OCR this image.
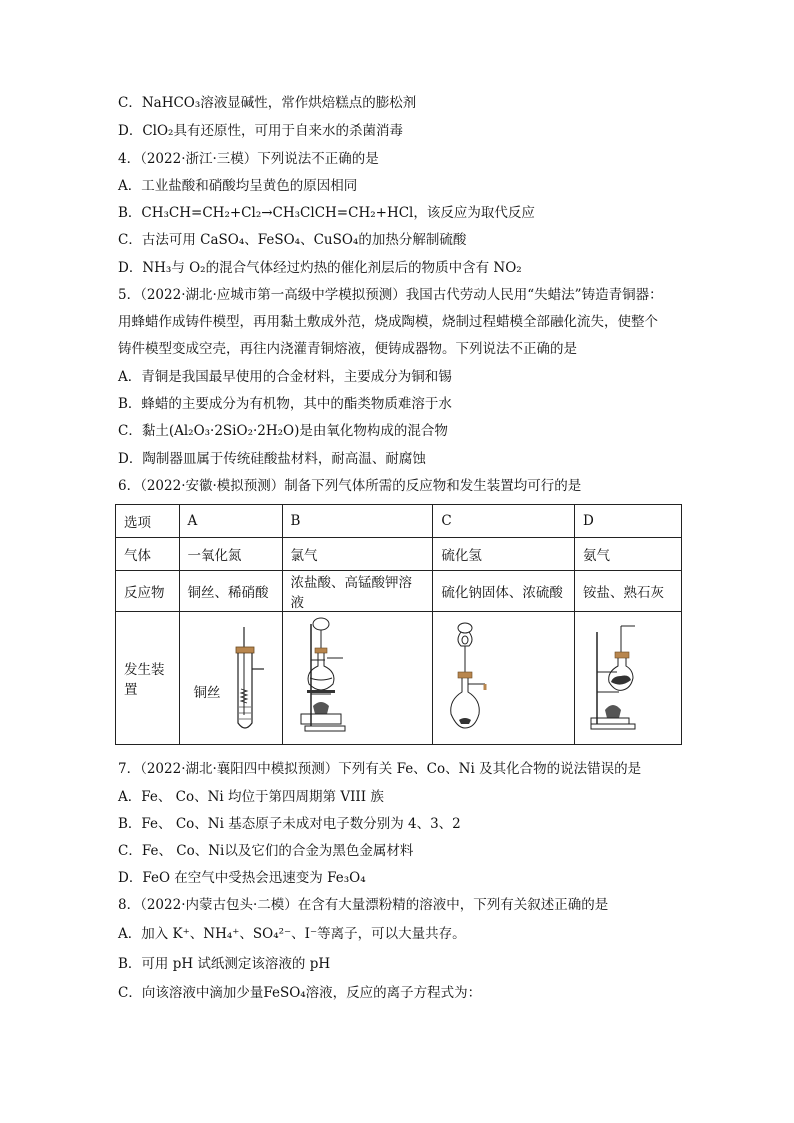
C．NaHCO₃溶液显碱性，常作烘焙糕点的膨松剂
D．ClO₂具有还原性，可用于自来水的杀菌消毒
4．（2022·浙江·三模）下列说法不正确的是
A．工业盐酸和硝酸均呈黄色的原因相同
B．CH₃CH=CH₂+Cl₂→CH₃ClCH=CH₂+HCl，该反应为取代反应
C．古法可用 CaSO₄、FeSO₄、CuSO₄的加热分解制硫酸
D．NH₃与 O₂的混合气体经过灼热的催化剂层后的物质中含有 NO₂
5．（2022·湖北·应城市第一高级中学模拟预测）我国古代劳动人民用“失蜡法”铸造青铜器：
用蜂蜡作成铸件模型，再用黏土敷成外范，烧成陶模，烧制过程蜡模全部融化流失，使整个
铸件模型变成空壳，再往内浇灌青铜熔液，便铸成器物。下列说法不正确的是
A．青铜是我国最早使用的合金材料，主要成分为铜和锡
B．蜂蜡的主要成分为有机物，其中的酯类物质难溶于水
C．黏土(Al₂O₃·2SiO₂·2H₂O)是由氧化物构成的混合物
D．陶制器皿属于传统硅酸盐材料，耐高温、耐腐蚀
6．（2022·安徽·模拟预测）制备下列气体所需的反应物和发生装置均可行的是
选项	A	B	C	D
气体	一氧化氮	氯气	硫化氢	氨气
反应物	铜丝、稀硝酸	浓盐酸、高锰酸钾溶液	硫化钠固体、浓硫酸	铵盐、熟石灰
发生装置	铜丝

7．（2022·湖北·襄阳四中模拟预测）下列有关 Fe、Co、Ni 及其化合物的说法错误的是
A．Fe、 Co、Ni 均位于第四周期第 VIII 族
B．Fe、 Co、Ni 基态原子未成对电子数分别为 4、3、2
C．Fe、 Co、Ni以及它们的合金为黑色金属材料
D．FeO 在空气中受热会迅速变为 Fe₃O₄
8．（2022·内蒙古包头·二模）在含有大量漂粉精的溶液中，下列有关叙述正确的是
A．加入 K⁺、NH₄⁺、SO₄²⁻、I⁻等离子，可以大量共存。
B．可用 pH 试纸测定该溶液的 pH
C．向该溶液中滴加少量FeSO₄溶液，反应的离子方程式为：
